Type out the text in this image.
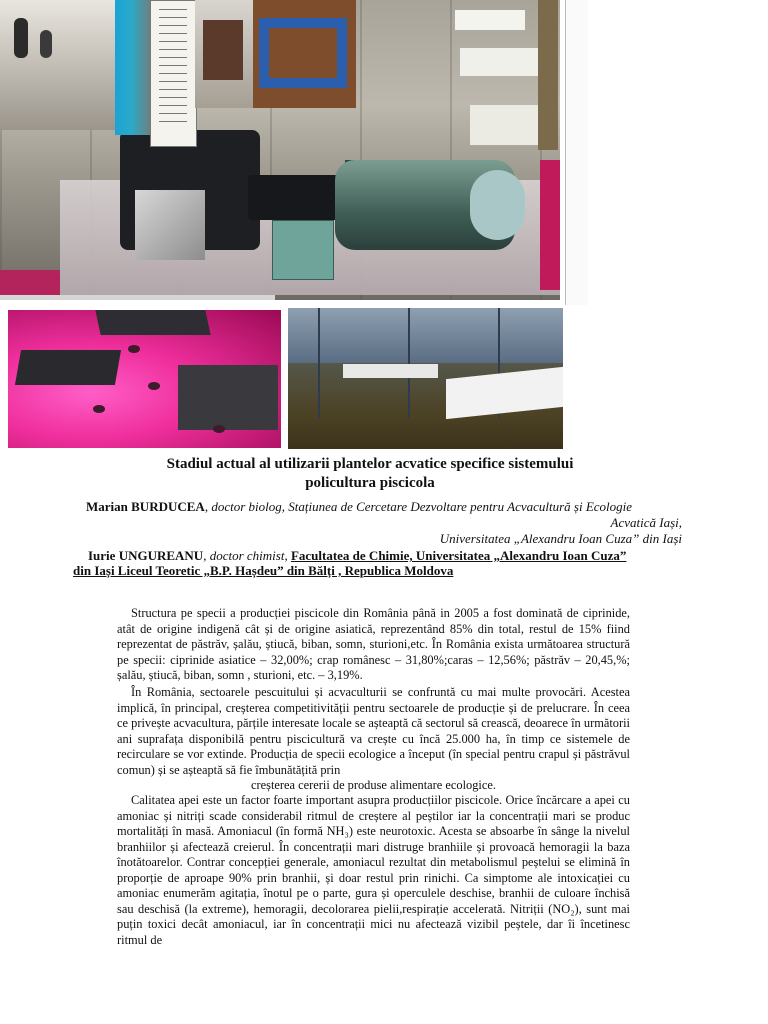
Stadiul actual al utilizarii plantelor acvatice specifice sistemului
policultura piscicola
Marian BURDUCEA, doctor biolog, Stațiunea de Cercetare Dezvoltare pentru Acvacultură și Ecologie
Acvatică Iași,
Universitatea „Alexandru Ioan Cuza” din Iași
Iurie UNGUREANU, doctor chimist, Facultatea de Chimie, Universitatea „Alexandru Ioan Cuza”
din Iași Liceul Teoretic „B.P. Hașdeu” din Bălți , Republica Moldova

Structura pe specii a producției piscicole din România până in 2005 a fost dominată de ciprinide, atât de origine indigenă cât și de origine asiatică, reprezentând 85% din total, restul de 15% fiind reprezentat de păstrăv, șalău, știucă, biban, somn, sturioni,etc. În România exista următoarea structură pe specii: ciprinide asiatice – 32,00%; crap românesc – 31,80%;caras – 12,56%; păstrăv – 20,45,%; șalău, știucă, biban, somn , sturioni, etc. – 3,19%.

În România, sectoarele pescuitului și acvaculturii se confruntă cu mai multe provocări. Acestea implică, în principal, creșterea competitivității pentru sectoarele de producție și de prelucrare. În ceea ce privește acvacultura, părțile interesate locale se așteaptă că sectorul să crească, deoarece în următorii ani suprafața disponibilă pentru piscicultură va crește cu încă 25.000 ha, în timp ce sistemele de recirculare se vor extinde. Producția de specii ecologice a început (în special pentru crapul și păstrăvul comun) și se așteaptă să fie îmbunătățită prin

creșterea cererii de produse alimentare ecologice.

Calitatea apei este un factor foarte important asupra producțiilor piscicole. Orice încărcare a apei cu amoniac și nitriți scade considerabil ritmul de creștere al peștilor iar la concentrații mari se produc mortalități în masă. Amoniacul (în formă NH₃) este neurotoxic. Acesta se absoarbe în sânge la nivelul branhiilor și afectează creierul. În concentrații mari distruge branhiile și provoacă hemoragii la baza înotătoarelor. Contrar concepției generale, amoniacul rezultat din metabolismul peștelui se elimină în proporție de aproape 90% prin branhii, și doar restul prin rinichi. Ca simptome ale intoxicației cu amoniac enumerăm agitația, înotul pe o parte, gura și operculele deschise, branhii de culoare închisă sau deschisă (la extreme), hemoragii, decolorarea pielii,respirație accelerată. Nitriții (NO₂), sunt mai puțin toxici decât amoniacul, iar în concentrații mici nu afectează vizibil peștele, dar îi încetinesc ritmul de
